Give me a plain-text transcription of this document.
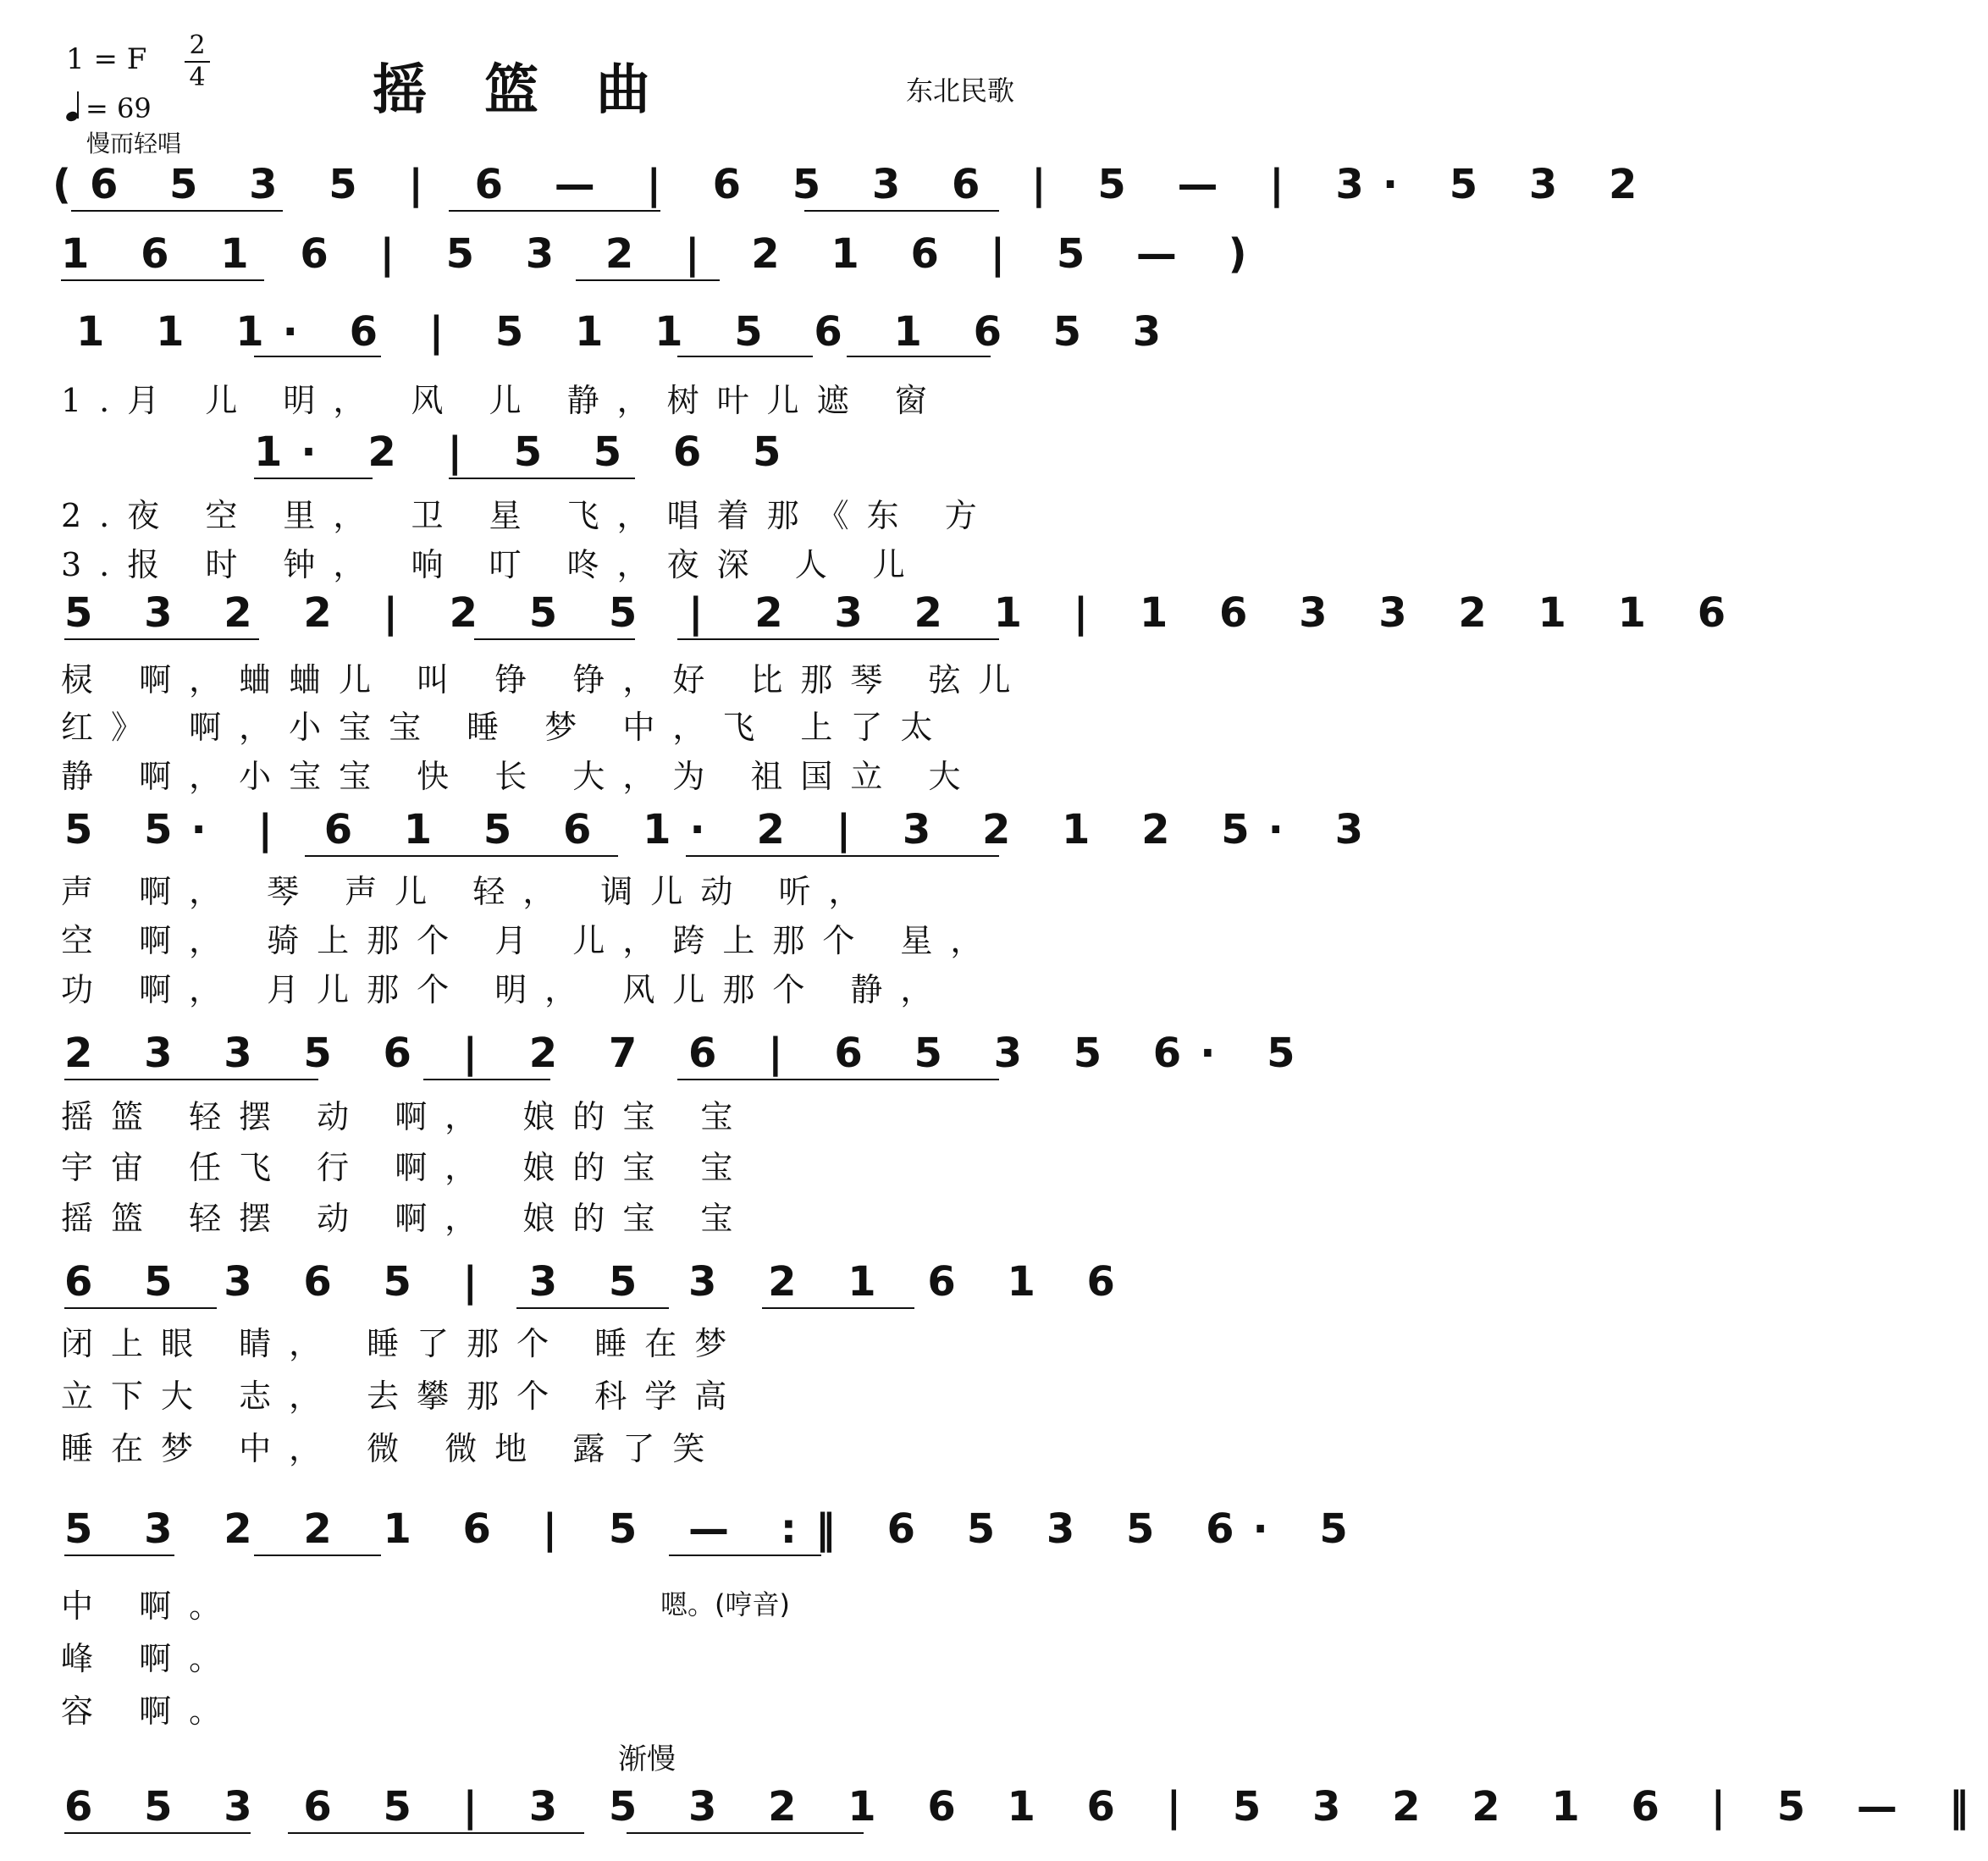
1 = F 2
4
= 69
慢而轻唱
摇篮曲	东北民歌
(6 5 3 5 | 6 — | 6 5 3 6 | 5 — | 3· 5 3 2
1 6 1 6 | 5 3 2 | 2 1 6 | 5 — )
1 1 1· 6 | 5 1 1 5 6 1 6 5 3
1.月 儿 明， 风 儿 静，树叶儿遮 窗
1· 2 | 5 5 6 5
2.夜 空 里， 卫 星 飞，唱着那《东 方
3.报 时 钟， 响 叮 咚，夜深 人 儿
5 3 2 2 | 2 5 5 | 2 3 2 1 | 1 6 3 3 2 1 1 6
棂 啊，蛐蛐儿 叫 铮 铮，好 比那琴 弦儿
红》 啊，小宝宝 睡 梦 中，飞 上了太
静 啊，小宝宝 快 长 大，为 祖国立 大
5 5· | 6 1 5 6 1· 2 | 3 2 1 2 5· 3
声 啊， 琴 声儿 轻， 调儿动 听，
空 啊， 骑上那个 月 儿，跨上那个 星，
功 啊， 月儿那个 明， 风儿那个 静，
2 3 3 5 6 | 2 7 6 | 6 5 3 5 6· 5
摇篮 轻摆 动 啊， 娘的宝 宝
宇宙 任飞 行 啊， 娘的宝 宝
摇篮 轻摆 动 啊， 娘的宝 宝
6 5 3 6 5 | 3 5 3 2 1 6 1 6
闭上眼 睛， 睡了那个 睡在梦
立下大 志， 去攀那个 科学高
睡在梦 中， 微 微地 露了笑
5 3 2 2 1 6 | 5 — :‖ 6 5 3 5 6· 5
中 啊。
峰 啊。
容 啊。
嗯。(哼音)
渐慢
6 5 3 6 5 | 3 5 3 2 1 6 1 6 | 5 3 2 2 1 6 | 5 — ‖
